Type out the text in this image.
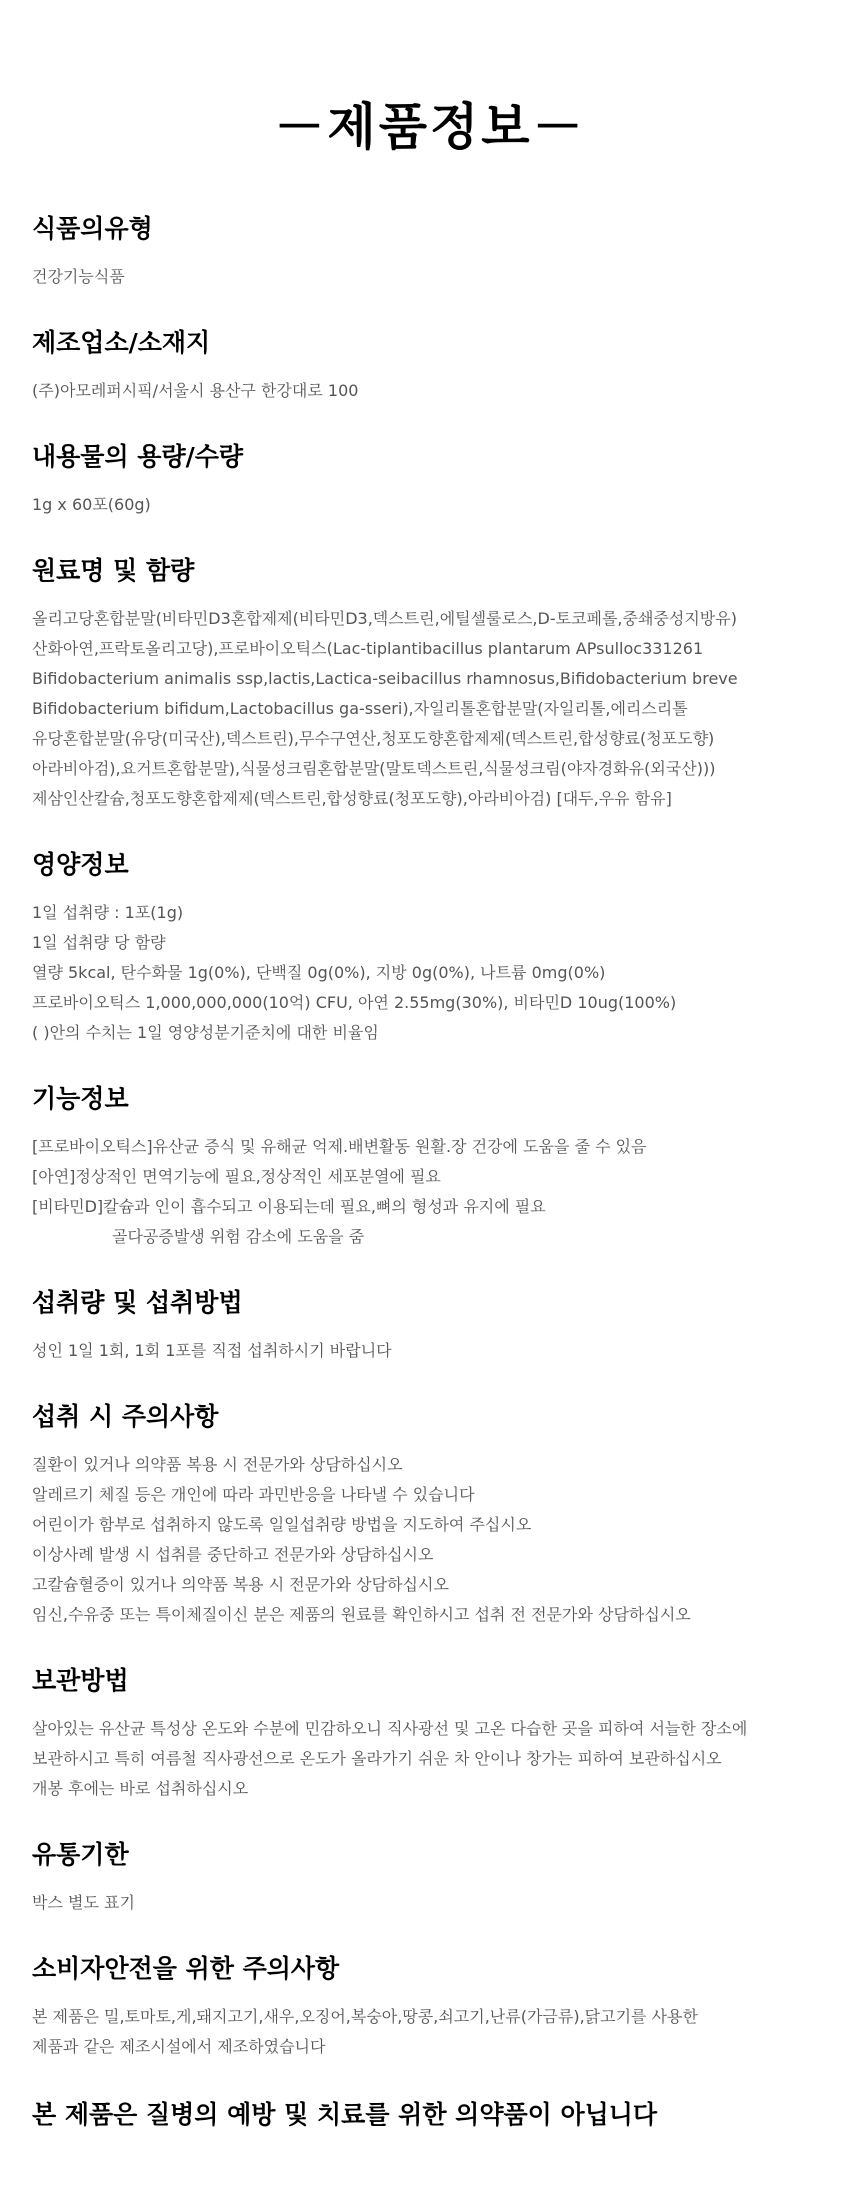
－제품정보－
식품의유형
건강기능식품
제조업소/소재지
(주)아모레퍼시픽/서울시 용산구 한강대로 100
내용물의 용량/수량
1g x 60포(60g)
원료명 및 함량
올리고당혼합분말(비타민D3혼합제제(비타민D3,덱스트린,에틸셀룰로스,D-토코페롤,중쇄중성지방유)
산화아연,프락토올리고당),프로바이오틱스(Lac-tiplantibacillus plantarum APsulloc331261
Bifidobacterium animalis ssp,lactis,Lactica-seibacillus rhamnosus,Bifidobacterium breve
Bifidobacterium bifidum,Lactobacillus ga-sseri),자일리톨혼합분말(자일리톨,에리스리톨
유당혼합분말(유당(미국산),덱스트린),무수구연산,청포도향혼합제제(덱스트린,합성향료(청포도향)
아라비아검),요거트혼합분말),식물성크림혼합분말(말토덱스트린,식물성크림(야자경화유(외국산)))
제삼인산칼슘,청포도향혼합제제(덱스트린,합성향료(청포도향),아라비아검) [대두,우유 함유]
영양정보
1일 섭취량 : 1포(1g)
1일 섭취량 당 함량
열량 5kcal, 탄수화물 1g(0%), 단백질 0g(0%), 지방 0g(0%), 나트륨 0mg(0%)
프로바이오틱스 1,000,000,000(10억) CFU, 아연 2.55mg(30%), 비타민D 10ug(100%)
( )안의 수치는 1일 영양성분기준치에 대한 비율임
기능정보
[프로바이오틱스]유산균 증식 및 유해균 억제.배변활동 원활.장 건강에 도움을 줄 수 있음
[아연]정상적인 면역기능에 필요,정상적인 세포분열에 필요
[비타민D]칼슘과 인이 흡수되고 이용되는데 필요,뼈의 형성과 유지에 필요
골다공증발생 위험 감소에 도움을 줌
섭취량 및 섭취방법
성인 1일 1회, 1회 1포를 직접 섭취하시기 바랍니다
섭취 시 주의사항
질환이 있거나 의약품 복용 시 전문가와 상담하십시오
알레르기 체질 등은 개인에 따라 과민반응을 나타낼 수 있습니다
어린이가 함부로 섭취하지 않도록 일일섭취량 방법을 지도하여 주십시오
이상사례 발생 시 섭취를 중단하고 전문가와 상담하십시오
고칼슘혈증이 있거나 의약품 복용 시 전문가와 상담하십시오
임신,수유중 또는 특이체질이신 분은 제품의 원료를 확인하시고 섭취 전 전문가와 상담하십시오
보관방법
살아있는 유산균 특성상 온도와 수분에 민감하오니 직사광선 및 고온 다습한 곳을 피하여 서늘한 장소에
보관하시고 특히 여름철 직사광선으로 온도가 올라가기 쉬운 차 안이나 창가는 피하여 보관하십시오
개봉 후에는 바로 섭취하십시오
유통기한
박스 별도 표기
소비자안전을 위한 주의사항
본 제품은 밀,토마토,게,돼지고기,새우,오징어,복숭아,땅콩,쇠고기,난류(가금류),닭고기를 사용한
제품과 같은 제조시설에서 제조하였습니다
본 제품은 질병의 예방 및 치료를 위한 의약품이 아닙니다
